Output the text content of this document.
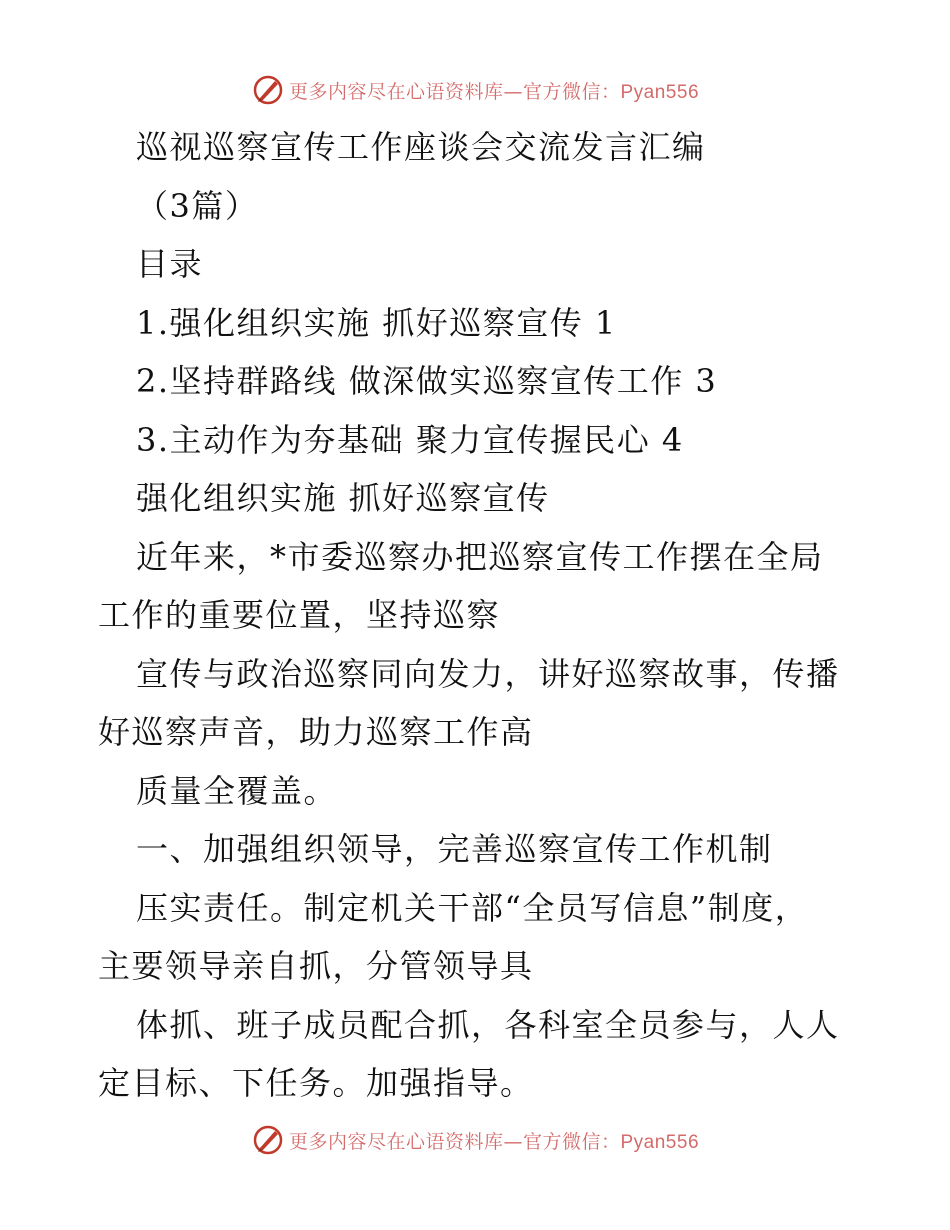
更多内容尽在心语资料库—官方微信：Pyan556
巡视巡察宣传工作座谈会交流发言汇编
（3篇）
目录
1.强化组织实施 抓好巡察宣传 1
2.坚持群路线 做深做实巡察宣传工作 3
3.主动作为夯基础 聚力宣传握民心 4
强化组织实施 抓好巡察宣传
近年来，*市委巡察办把巡察宣传工作摆在全局
工作的重要位置，坚持巡察
宣传与政治巡察同向发力，讲好巡察故事，传播
好巡察声音，助力巡察工作高
质量全覆盖。
一、加强组织领导，完善巡察宣传工作机制
压实责任。制定机关干部“全员写信息”制度，
主要领导亲自抓，分管领导具
体抓、班子成员配合抓，各科室全员参与，人人
定目标、下任务。加强指导。
更多内容尽在心语资料库—官方微信：Pyan556
